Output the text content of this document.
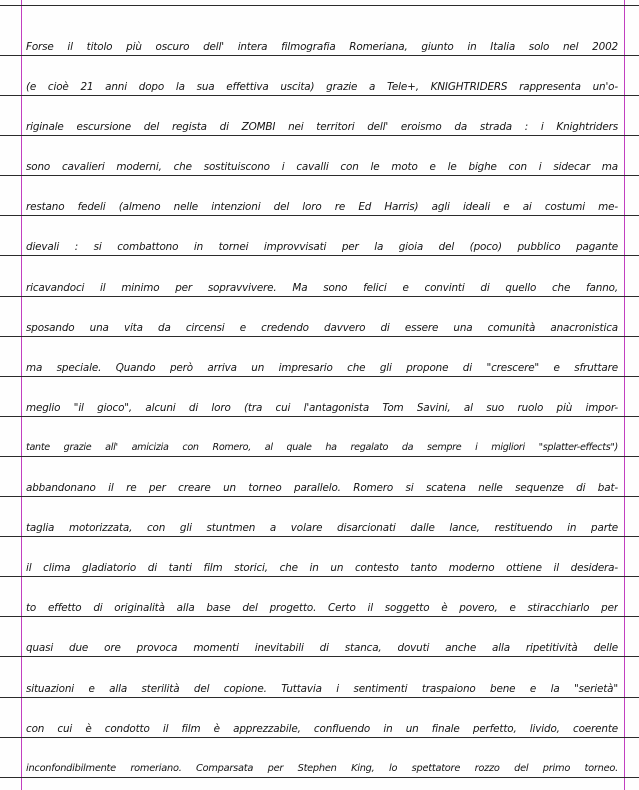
Forse il titolo più oscuro dell' intera filmografia Romeriana, giunto in Italia solo nel 2002
(e cioè 21 anni dopo la sua effettiva uscita) grazie a Tele+, KNIGHTRIDERS rappresenta un'o-
riginale escursione del regista di ZOMBI nei territori dell' eroismo da strada : i Knightriders
sono cavalieri moderni, che sostituiscono i cavalli con le moto e le bighe con i sidecar ma
restano fedeli (almeno nelle intenzioni del loro re Ed Harris) agli ideali e ai costumi me-
dievali : si combattono in tornei improvvisati per la gioia del (poco) pubblico pagante
ricavandoci il minimo per sopravvivere. Ma sono felici e convinti di quello che fanno,
sposando una vita da circensi e credendo davvero di essere una comunità anacronistica
ma speciale. Quando però arriva un impresario che gli propone di "crescere" e sfruttare
meglio "il gioco", alcuni di loro (tra cui l'antagonista Tom Savini, al suo ruolo più impor-
tante grazie all' amicizia con Romero, al quale ha regalato da sempre i migliori "splatter-effects")
abbandonano il re per creare un torneo parallelo. Romero si scatena nelle sequenze di bat-
taglia motorizzata, con gli stuntmen a volare disarcionati dalle lance, restituendo in parte
il clima gladiatorio di tanti film storici, che in un contesto tanto moderno ottiene il desidera-
to effetto di originalità alla base del progetto. Certo il soggetto è povero, e stiracchiarlo per
quasi due ore provoca momenti inevitabili di stanca, dovuti anche alla ripetitività delle
situazioni e alla sterilità del copione. Tuttavia i sentimenti traspaiono bene e la "serietà"
con cui è condotto il film è apprezzabile, confluendo in un finale perfetto, livido, coerente
inconfondibilmente romeriano. Comparsata per Stephen King, lo spettatore rozzo del primo torneo.
